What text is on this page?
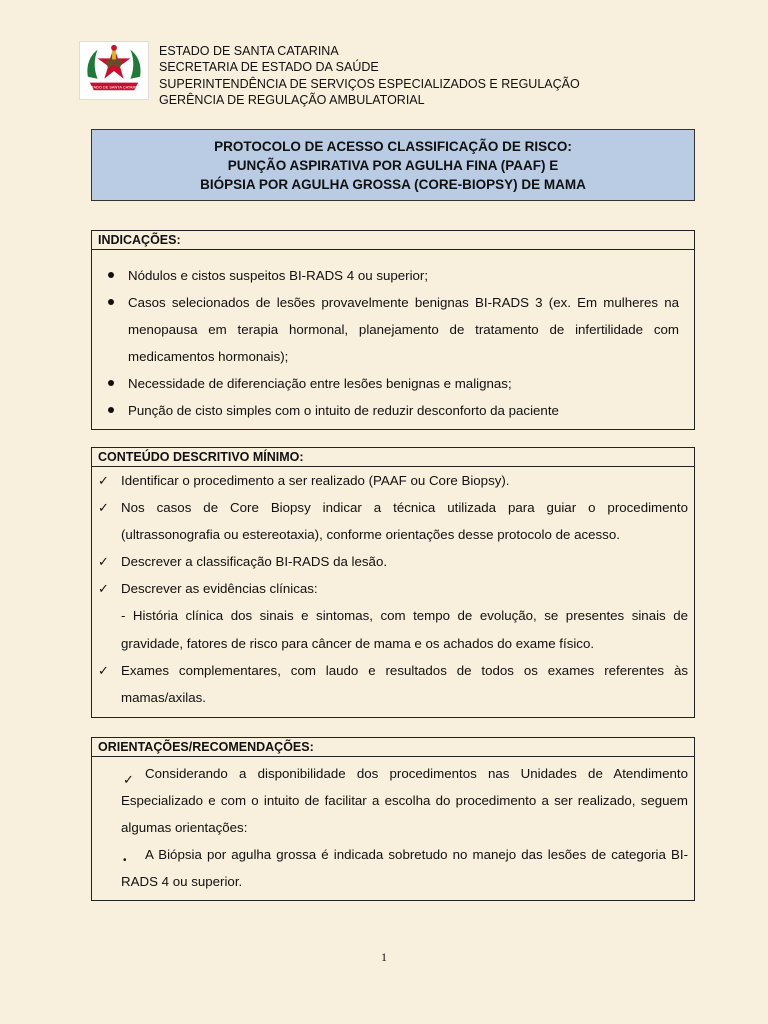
ESTADO DE SANTA CATARINA
ESTADO DE SANTA CATARINA
SECRETARIA DE ESTADO DA SAÚDE
SUPERINTENDÊNCIA DE SERVIÇOS ESPECIALIZADOS E REGULAÇÃO
GERÊNCIA DE REGULAÇÃO AMBULATORIAL
PROTOCOLO DE ACESSO CLASSIFICAÇÃO DE RISCO:
PUNÇÃO ASPIRATIVA POR AGULHA FINA (PAAF) E
BIÓPSIA POR AGULHA GROSSA (CORE-BIOPSY) DE MAMA
INDICAÇÕES:
Nódulos e cistos suspeitos BI-RADS 4 ou superior;
Casos selecionados de lesões provavelmente benignas BI-RADS 3 (ex. Em mulheres na menopausa em terapia hormonal, planejamento de tratamento de infertilidade com medicamentos hormonais);
Necessidade de diferenciação entre lesões benignas e malignas;
Punção de cisto simples com o intuito de reduzir desconforto da paciente
CONTEÚDO DESCRITIVO MÍNIMO:
✓ Identificar o procedimento a ser realizado (PAAF ou Core Biopsy).
✓ Nos casos de Core Biopsy indicar a técnica utilizada para guiar o procedimento (ultrassonografia ou estereotaxia), conforme orientações desse protocolo de acesso.
✓ Descrever a classificação BI-RADS da lesão.
✓ Descrever as evidências clínicas:
- História clínica dos sinais e sintomas, com tempo de evolução, se presentes sinais de gravidade, fatores de risco para câncer de mama e os achados do exame físico.
✓ Exames complementares, com laudo e resultados de todos os exames referentes às mamas/axilas.
ORIENTAÇÕES/RECOMENDAÇÕES:
✓ Considerando a disponibilidade dos procedimentos nas Unidades de Atendimento
Especializado e com o intuito de facilitar a escolha do procedimento a ser realizado, seguem algumas orientações:
• A Biópsia por agulha grossa é indicada sobretudo no manejo das lesões de categoria BI-
RADS 4 ou superior.
1
